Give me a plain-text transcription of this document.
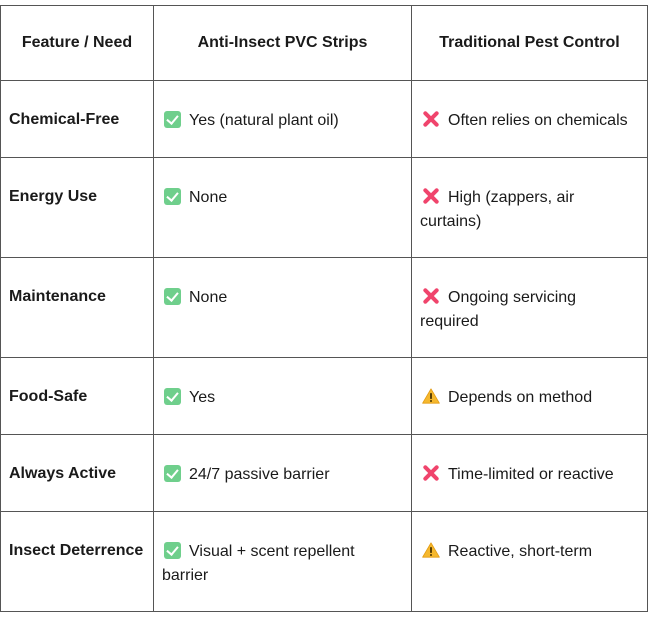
Feature / Need	Anti-Insect PVC Strips	Traditional Pest Control

Chemical-Free	Yes (natural plant oil)	Often relies on chemicals

Energy Use	None	High (zappers, air curtains)

Maintenance	None	Ongoing servicing required

Food-Safe	Yes	Depends on method

Always Active	24/7 passive barrier	Time-limited or reactive

Insect Deterrence	Visual + scent repellent barrier	Reactive, short-term
